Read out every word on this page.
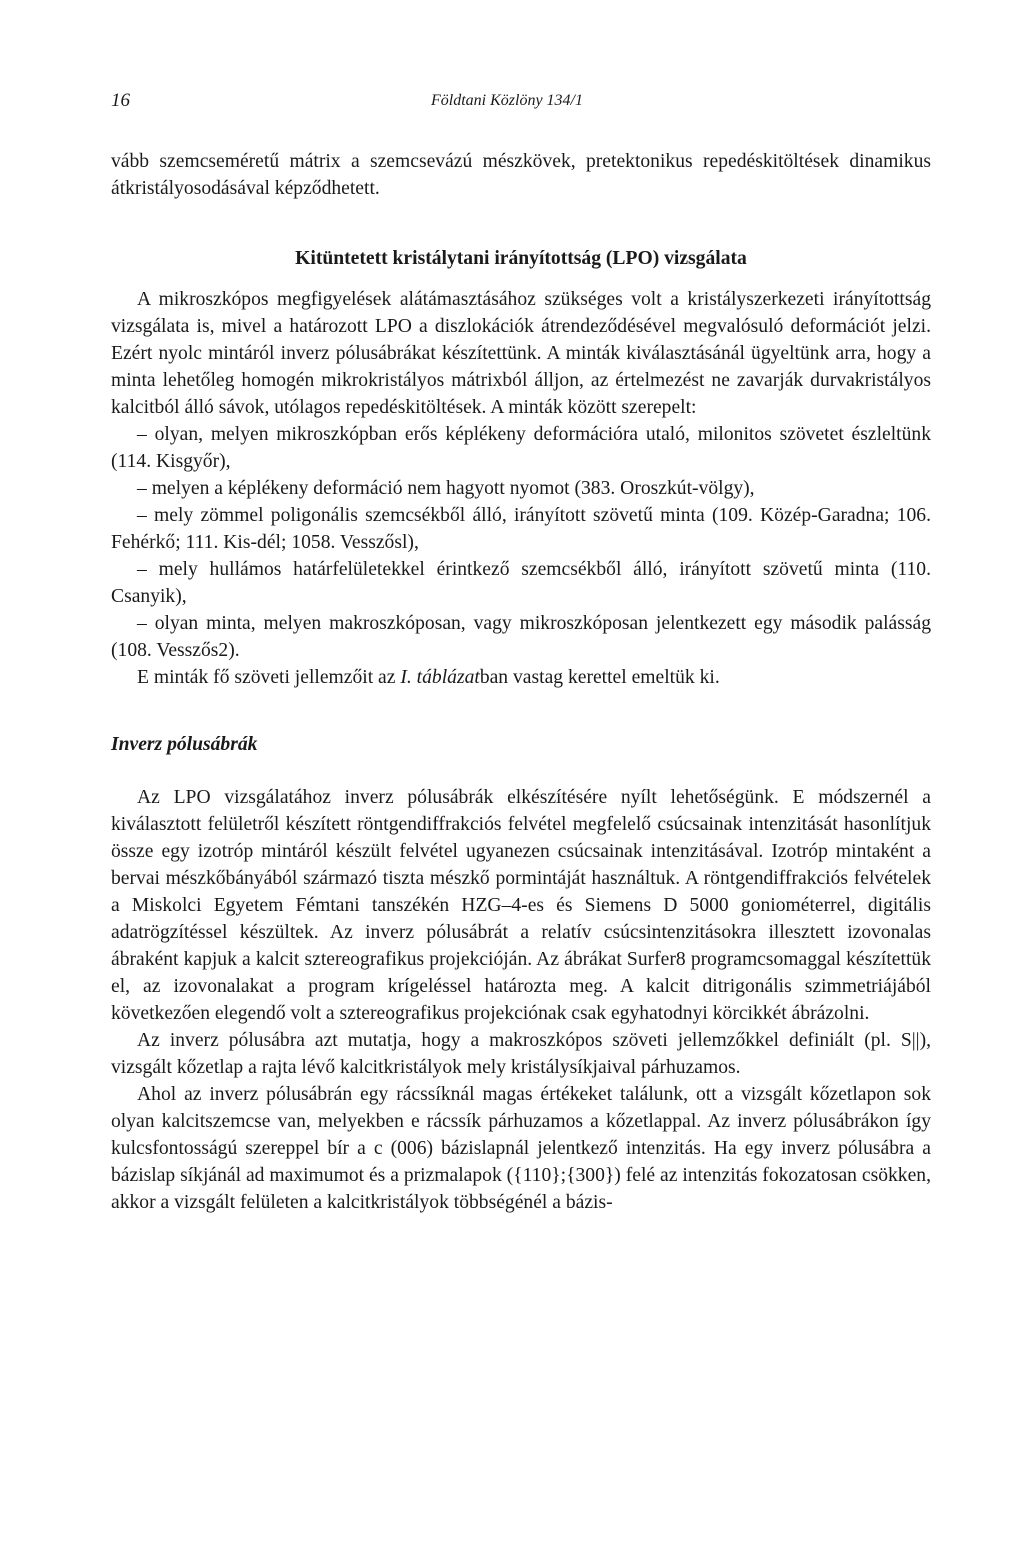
16	Földtani Közlöny 134/1

vább szemcseméretű mátrix a szemcsevázú mészkövek, pretektonikus repedéskitöltések dinamikus átkristályosodásával képződhetett.

Kitüntetett kristálytani irányítottság (LPO) vizsgálata

A mikroszkópos megfigyelések alátámasztásához szükséges volt a kristályszerkezeti irányítottság vizsgálata is, mivel a határozott LPO a diszlokációk átrendeződésével megvalósuló deformációt jelzi. Ezért nyolc mintáról inverz pólusábrákat készítettünk. A minták kiválasztásánál ügyeltünk arra, hogy a minta lehetőleg homogén mikrokristályos mátrixból álljon, az értelmezést ne zavarják durvakristályos kalcitból álló sávok, utólagos repedéskitöltések. A minták között szerepelt:

– olyan, melyen mikroszkópban erős képlékeny deformációra utaló, milonitos szövetet észleltünk (114. Kisgyőr),

– melyen a képlékeny deformáció nem hagyott nyomot (383. Oroszkút-völgy),

– mely zömmel poligonális szemcsékből álló, irányított szövetű minta (109. Közép-Garadna; 106. Fehérkő; 111. Kis-dél; 1058. Vesszősl),

– mely hullámos határfelületekkel érintkező szemcsékből álló, irányított szövetű minta (110. Csanyik),

– olyan minta, melyen makroszkóposan, vagy mikroszkóposan jelentkezett egy második palásság (108. Vesszős2).

E minták fő szöveti jellemzőit az I. táblázatban vastag kerettel emeltük ki.

Inverz pólusábrák

Az LPO vizsgálatához inverz pólusábrák elkészítésére nyílt lehetőségünk. E módszernél a kiválasztott felületről készített röntgendiffrakciós felvétel megfelelő csúcsainak intenzitását hasonlítjuk össze egy izotróp mintáról készült felvétel ugyanezen csúcsainak intenzitásával. Izotróp mintaként a bervai mészkőbányából származó tiszta mészkő pormintáját használtuk. A röntgendiffrakciós felvételek a Miskolci Egyetem Fémtani tanszékén HZG–4-es és Siemens D 5000 goniométerrel, digitális adatrögzítéssel készültek. Az inverz pólusábrát a relatív csúcsintenzitásokra illesztett izovonalas ábraként kapjuk a kalcit sztereografikus projekcióján. Az ábrákat Surfer8 programcsomaggal készítettük el, az izovonalakat a program krígeléssel határozta meg. A kalcit ditrigonális szimmetriájából következően elegendő volt a sztereografikus projekciónak csak egyhatodnyi körcikkét ábrázolni.

Az inverz pólusábra azt mutatja, hogy a makroszkópos szöveti jellemzőkkel definiált (pl. S||), vizsgált kőzetlap a rajta lévő kalcitkristályok mely kristálysíkjaival párhuzamos.

Ahol az inverz pólusábrán egy rácssíknál magas értékeket találunk, ott a vizsgált kőzetlapon sok olyan kalcitszemcse van, melyekben e rácssík párhuzamos a kőzetlappal. Az inverz pólusábrákon így kulcsfontosságú szereppel bír a c (006) bázislapnál jelentkező intenzitás. Ha egy inverz pólusábra a bázislap síkjánál ad maximumot és a prizmalapok ({110};{300}) felé az intenzitás fokozatosan csökken, akkor a vizsgált felületen a kalcitkristályok többségénél a bázis-
